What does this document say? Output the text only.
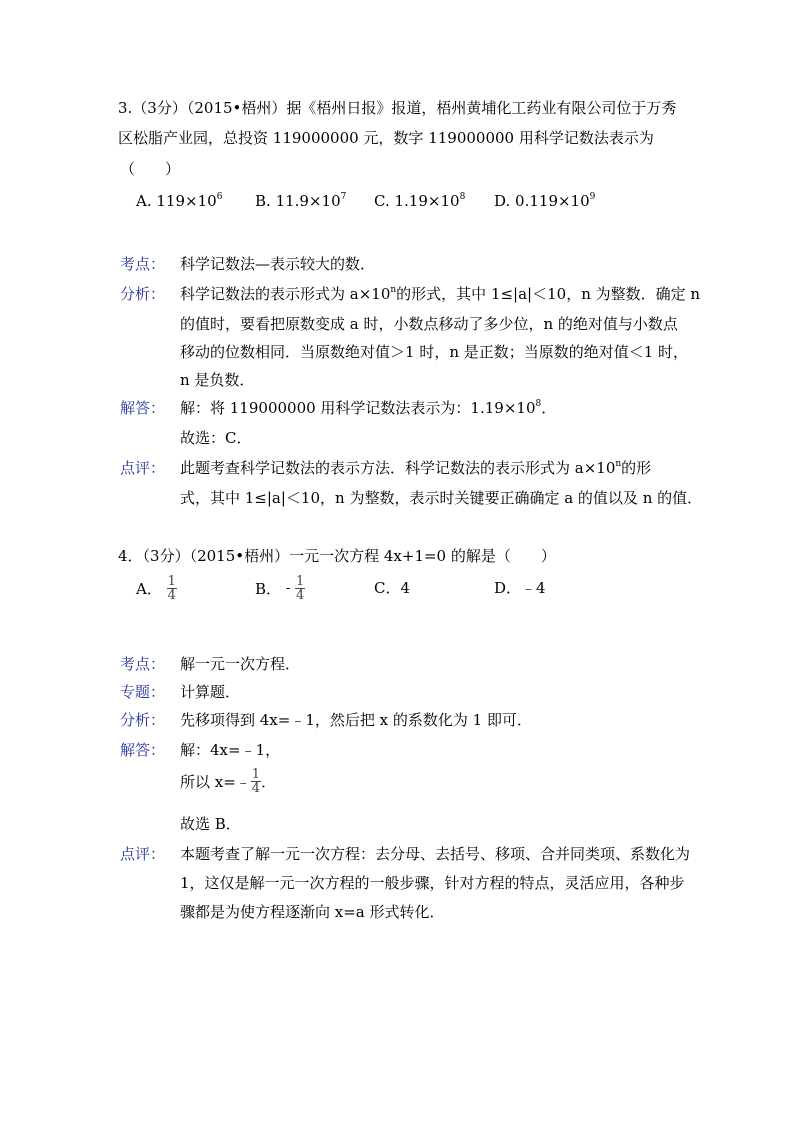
3.（3分）（2015•梧州）据《梧州日报》报道，梧州黄埔化工药业有限公司位于万秀
区松脂产业园，总投资 119000000 元，数字 119000000 用科学记数法表示为
（　　）
A. $119\times 10^6$ B. $11.9\times 10^7$ C. $1.19\times 10^8$ D. $0.119\times 10^9$
考点： 科学记数法—表示较大的数．
分析： 科学记数法的表示形式为 $a\times 10^n$的形式，其中 1≤|a|＜10，n 为整数．确定 n
的值时，要看把原数变成 a 时，小数点移动了多少位，n 的绝对值与小数点
移动的位数相同．当原数绝对值＞1 时，n 是正数；当原数的绝对值＜1 时，
n 是负数．
解答： 解：将 119000000 用科学记数法表示为：$1.19\times 10^8$．
故选：C．
点评： 此题考查科学记数法的表示方法．科学记数法的表示形式为 $a\times 10^n$的形
式，其中 1≤|a|＜10，n 为整数，表示时关键要正确确定 a 的值以及 n 的值．
4．（3分）（2015•梧州）一元一次方程 4x+1=0 的解是（　　）
A． $\frac{1}{4}$	B． - $\frac{1}{4}$	C．4	D．﹣4
考点： 解一元一次方程．
专题： 计算题．
分析： 先移项得到 4x=﹣1，然后把 x 的系数化为 1 即可．
解答： 解：4x=﹣1，
所以 x=﹣ $\frac{1}{4}$ ．
故选 B．
点评： 本题考查了解一元一次方程：去分母、去括号、移项、合并同类项、系数化为
1，这仅是解一元一次方程的一般步骤，针对方程的特点，灵活应用，各种步
骤都是为使方程逐渐向 x=a 形式转化．
